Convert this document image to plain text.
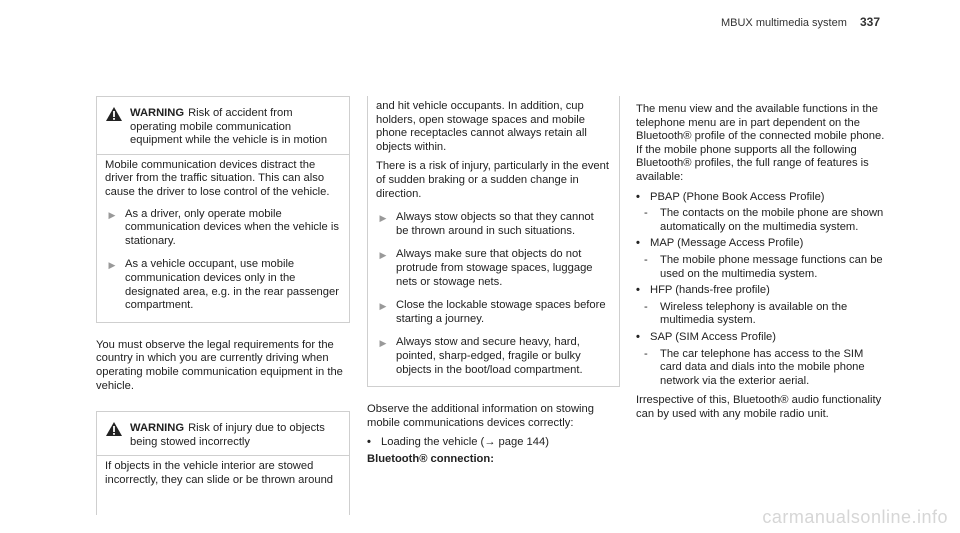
MBUX multimedia system 337
WARNING Risk of accident from operating mobile communication equipment while the vehicle is in motion

Mobile communication devices distract the driver from the traffic situation. This can also cause the driver to lose control of the vehicle.

▶ As a driver, only operate mobile communication devices when the vehicle is stationary.
▶ As a vehicle occupant, use mobile communication devices only in the designated area, e.g. in the rear passenger compartment.

You must observe the legal requirements for the country in which you are currently driving when operating mobile communication equipment in the vehicle.

WARNING Risk of injury due to objects being stowed incorrectly

If objects in the vehicle interior are stowed incorrectly, they can slide or be thrown around

and hit vehicle occupants. In addition, cup holders, open stowage spaces and mobile phone receptacles cannot always retain all objects within.

There is a risk of injury, particularly in the event of sudden braking or a sudden change in direction.

▶ Always stow objects so that they cannot be thrown around in such situations.
▶ Always make sure that objects do not protrude from stowage spaces, luggage nets or stowage nets.
▶ Close the lockable stowage spaces before starting a journey.
▶ Always stow and secure heavy, hard, pointed, sharp-edged, fragile or bulky objects in the boot/load compartment.

Observe the additional information on stowing mobile communications devices correctly:

• Loading the vehicle (→ page 144)
Bluetooth® connection:

The menu view and the available functions in the telephone menu are in part dependent on the Bluetooth® profile of the connected mobile phone. If the mobile phone supports all the following Bluetooth® profiles, the full range of features is available:

• PBAP (Phone Book Access Profile)
- The contacts on the mobile phone are shown automatically on the multimedia system.
• MAP (Message Access Profile)
- The mobile phone message functions can be used on the multimedia system.
• HFP (hands-free profile)
- Wireless telephony is available on the multimedia system.
• SAP (SIM Access Profile)
- The car telephone has access to the SIM card data and dials into the mobile phone network via the exterior aerial.

Irrespective of this, Bluetooth® audio functionality can by used with any mobile radio unit.

carmanualsonline.info
